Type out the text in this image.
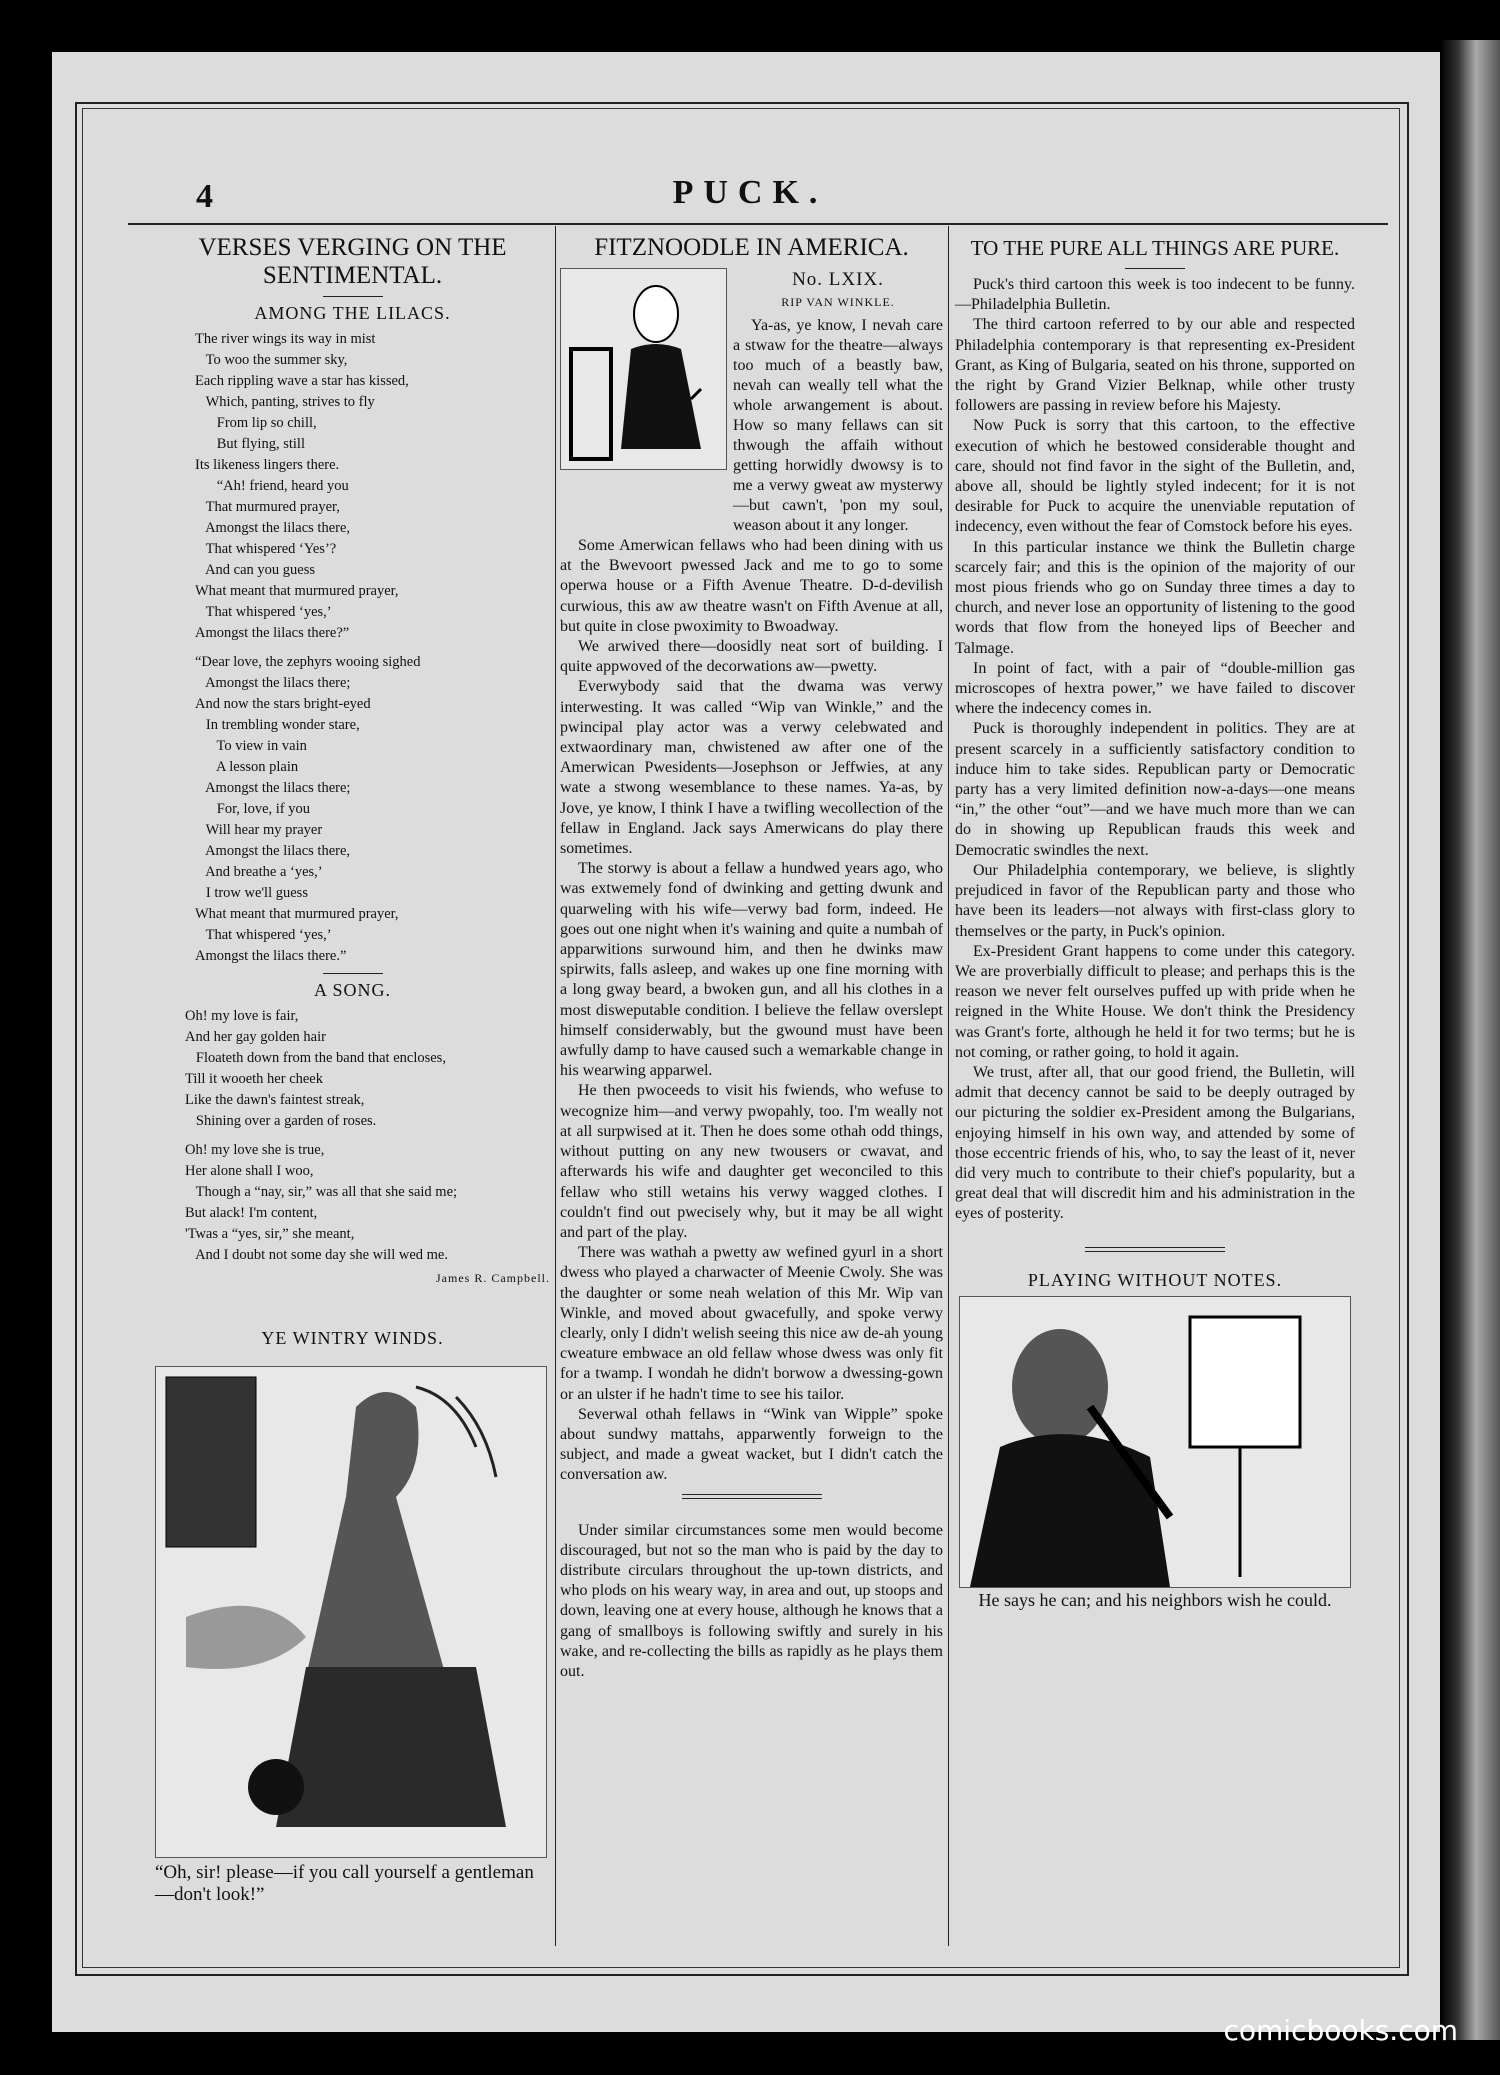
4	PUCK.
VERSES VERGING ON THE SENTIMENTAL.
AMONG THE LILACS.

The river wings its way in mist

To woo the summer sky,

Each rippling wave a star has kissed,

Which, panting, strives to fly

From lip so chill,

But flying, still

Its likeness lingers there.

“Ah! friend, heard you

That murmured prayer,

Amongst the lilacs there,

That whispered ‘Yes’?

And can you guess

What meant that murmured prayer,

That whispered ‘yes,’

Amongst the lilacs there?”

“Dear love, the zephyrs wooing sighed

Amongst the lilacs there;

And now the stars bright-eyed

In trembling wonder stare,

To view in vain

A lesson plain

Amongst the lilacs there;

For, love, if you

Will hear my prayer

Amongst the lilacs there,

And breathe a ‘yes,’

I trow we'll guess

What meant that murmured prayer,

That whispered ‘yes,’

Amongst the lilacs there.”

A SONG.

Oh! my love is fair,

And her gay golden hair

Floateth down from the band that encloses,

Till it wooeth her cheek

Like the dawn's faintest streak,

Shining over a garden of roses.

Oh! my love she is true,

Her alone shall I woo,

Though a “nay, sir,” was all that she said me;

But alack! I'm content,

'Twas a “yes, sir,” she meant,

And I doubt not some day she will wed me.

James R. Campbell.
YE WINTRY WINDS.
“Oh, sir! please—if you call yourself a gentleman—don't look!”
FITZNOODLE IN AMERICA.
No. LXIX.
RIP VAN WINKLE.

Ya-as, ye know, I nevah care a stwaw for the theatre—always too much of a beastly baw, nevah can weally tell what the whole arwangement is about. How so many fellaws can sit thwough the affaih without getting horwidly dwowsy is to me a verwy gweat aw mysterwy—but cawn't, 'pon my soul, weason about it any longer.

Some Amerwican fellaws who had been dining with us at the Bwevoort pwessed Jack and me to go to some operwa house or a Fifth Avenue Theatre. D-d-devilish curwious, this aw aw theatre wasn't on Fifth Avenue at all, but quite in close pwoximity to Bwoadway.

We arwived there—doosidly neat sort of building. I quite appwoved of the decorwations aw—pwetty.

Everwybody said that the dwama was verwy interwesting. It was called “Wip van Winkle,” and the pwincipal play actor was a verwy celebwated and extwaordinary man, chwistened aw after one of the Amerwican Pwesidents—Josephson or Jeffwies, at any wate a stwong wesemblance to these names. Ya-as, by Jove, ye know, I think I have a twifling wecollection of the fellaw in England. Jack says Amerwicans do play there sometimes.

The storwy is about a fellaw a hundwed years ago, who was extwemely fond of dwinking and getting dwunk and quarweling with his wife—verwy bad form, indeed. He goes out one night when it's waining and quite a numbah of apparwitions surwound him, and then he dwinks maw spirwits, falls asleep, and wakes up one fine morning with a long gway beard, a bwoken gun, and all his clothes in a most disweputable condition. I believe the fellaw overslept himself considerwably, but the gwound must have been awfully damp to have caused such a wemarkable change in his wearwing apparwel.

He then pwoceeds to visit his fwiends, who wefuse to wecognize him—and verwy pwopahly, too. I'm weally not at all surpwised at it. Then he does some othah odd things, without putting on any new twousers or cwavat, and afterwards his wife and daughter get weconciled to this fellaw who still wetains his verwy wagged clothes. I couldn't find out pwecisely why, but it may be all wight and part of the play.

There was wathah a pwetty aw wefined gyurl in a short dwess who played a charwacter of Meenie Cwoly. She was the daughter or some neah welation of this Mr. Wip van Winkle, and moved about gwacefully, and spoke verwy clearly, only I didn't welish seeing this nice aw de-ah young cweature embwace an old fellaw whose dwess was only fit for a twamp. I wondah he didn't borwow a dwessing-gown or an ulster if he hadn't time to see his tailor.

Severwal othah fellaws in “Wink van Wipple” spoke about sundwy mattahs, apparwently forweign to the subject, and made a gweat wacket, but I didn't catch the conversation aw.

Under similar circumstances some men would become discouraged, but not so the man who is paid by the day to distribute circulars throughout the up-town districts, and who plods on his weary way, in area and out, up stoops and down, leaving one at every house, although he knows that a gang of smallboys is following swiftly and surely in his wake, and re-collecting the bills as rapidly as he plays them out.

TO THE PURE ALL THINGS ARE PURE.

Puck's third cartoon this week is too indecent to be funny.—Philadelphia Bulletin.

The third cartoon referred to by our able and respected Philadelphia contemporary is that representing ex-President Grant, as King of Bulgaria, seated on his throne, supported on the right by Grand Vizier Belknap, while other trusty followers are passing in review before his Majesty.

Now Puck is sorry that this cartoon, to the effective execution of which he bestowed considerable thought and care, should not find favor in the sight of the Bulletin, and, above all, should be lightly styled indecent; for it is not desirable for Puck to acquire the unenviable reputation of indecency, even without the fear of Comstock before his eyes.

In this particular instance we think the Bulletin charge scarcely fair; and this is the opinion of the majority of our most pious friends who go on Sunday three times a day to church, and never lose an opportunity of listening to the good words that flow from the honeyed lips of Beecher and Talmage.

In point of fact, with a pair of “double-million gas microscopes of hextra power,” we have failed to discover where the indecency comes in.

Puck is thoroughly independent in politics. They are at present scarcely in a sufficiently satisfactory condition to induce him to take sides. Republican party or Democratic party has a very limited definition now-a-days—one means “in,” the other “out”—and we have much more than we can do in showing up Republican frauds this week and Democratic swindles the next.

Our Philadelphia contemporary, we believe, is slightly prejudiced in favor of the Republican party and those who have been its leaders—not always with first-class glory to themselves or the party, in Puck's opinion.

Ex-President Grant happens to come under this category. We are proverbially difficult to please; and perhaps this is the reason we never felt ourselves puffed up with pride when he reigned in the White House. We don't think the Presidency was Grant's forte, although he held it for two terms; but he is not coming, or rather going, to hold it again.

We trust, after all, that our good friend, the Bulletin, will admit that decency cannot be said to be deeply outraged by our picturing the soldier ex-President among the Bulgarians, enjoying himself in his own way, and attended by some of those eccentric friends of his, who, to say the least of it, never did very much to contribute to their chief's popularity, but a great deal that will discredit him and his administration in the eyes of posterity.

PLAYING WITHOUT NOTES.
He says he can; and his neighbors wish he could.
comicbooks.com
